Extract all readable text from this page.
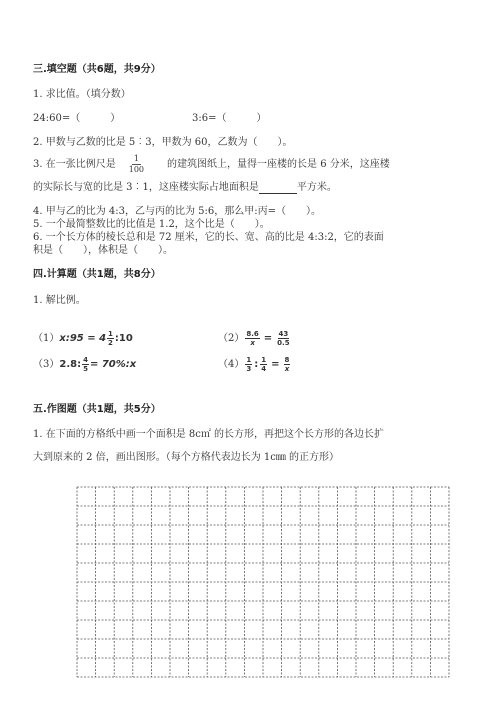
三.填空题（共6题，共9分）
1. 求比值。（填分数）
24:60=（　　　）	3:6=（　　　）
2. 甲数与乙数的比是 5︰3，甲数为 60，乙数为（　　）。
3. 在一张比例尺是 $\frac{1}{100}$ 的建筑图纸上，量得一座楼的长是 6 分米，这座楼
的实际长与宽的比是 3︰1，这座楼实际占地面积是	平方米。
4. 甲与乙的比为 4:3，乙与丙的比为 5:6，那么甲:丙=（　　）。
5. 一个最简整数比的比值是 1.2，这个比是（　　）。
6. 一个长方体的棱长总和是 72 厘米，它的长、宽、高的比是 4:3:2，它的表面
积是（　　），体积是（　　）。
四.计算题（共1题，共8分）
1. 解比例。
（1） x:95 = $4 \frac{1}{2}$ :10	$(2) \frac{8.6}{x} = \frac{43}{0.5}$
（3） 2.8: $\frac{4}{5}$ = 70%:x	$(4) \frac{1}{3}$ : $\frac{1}{4} = \frac{8}{x}$
五.作图题（共1题，共5分）
1. 在下面的方格纸中画一个面积是 8c㎡ 的长方形，再把这个长方形的各边长扩
大到原来的 2 倍，画出图形。（每个方格代表边长为 1c㎜ 的正方形）
